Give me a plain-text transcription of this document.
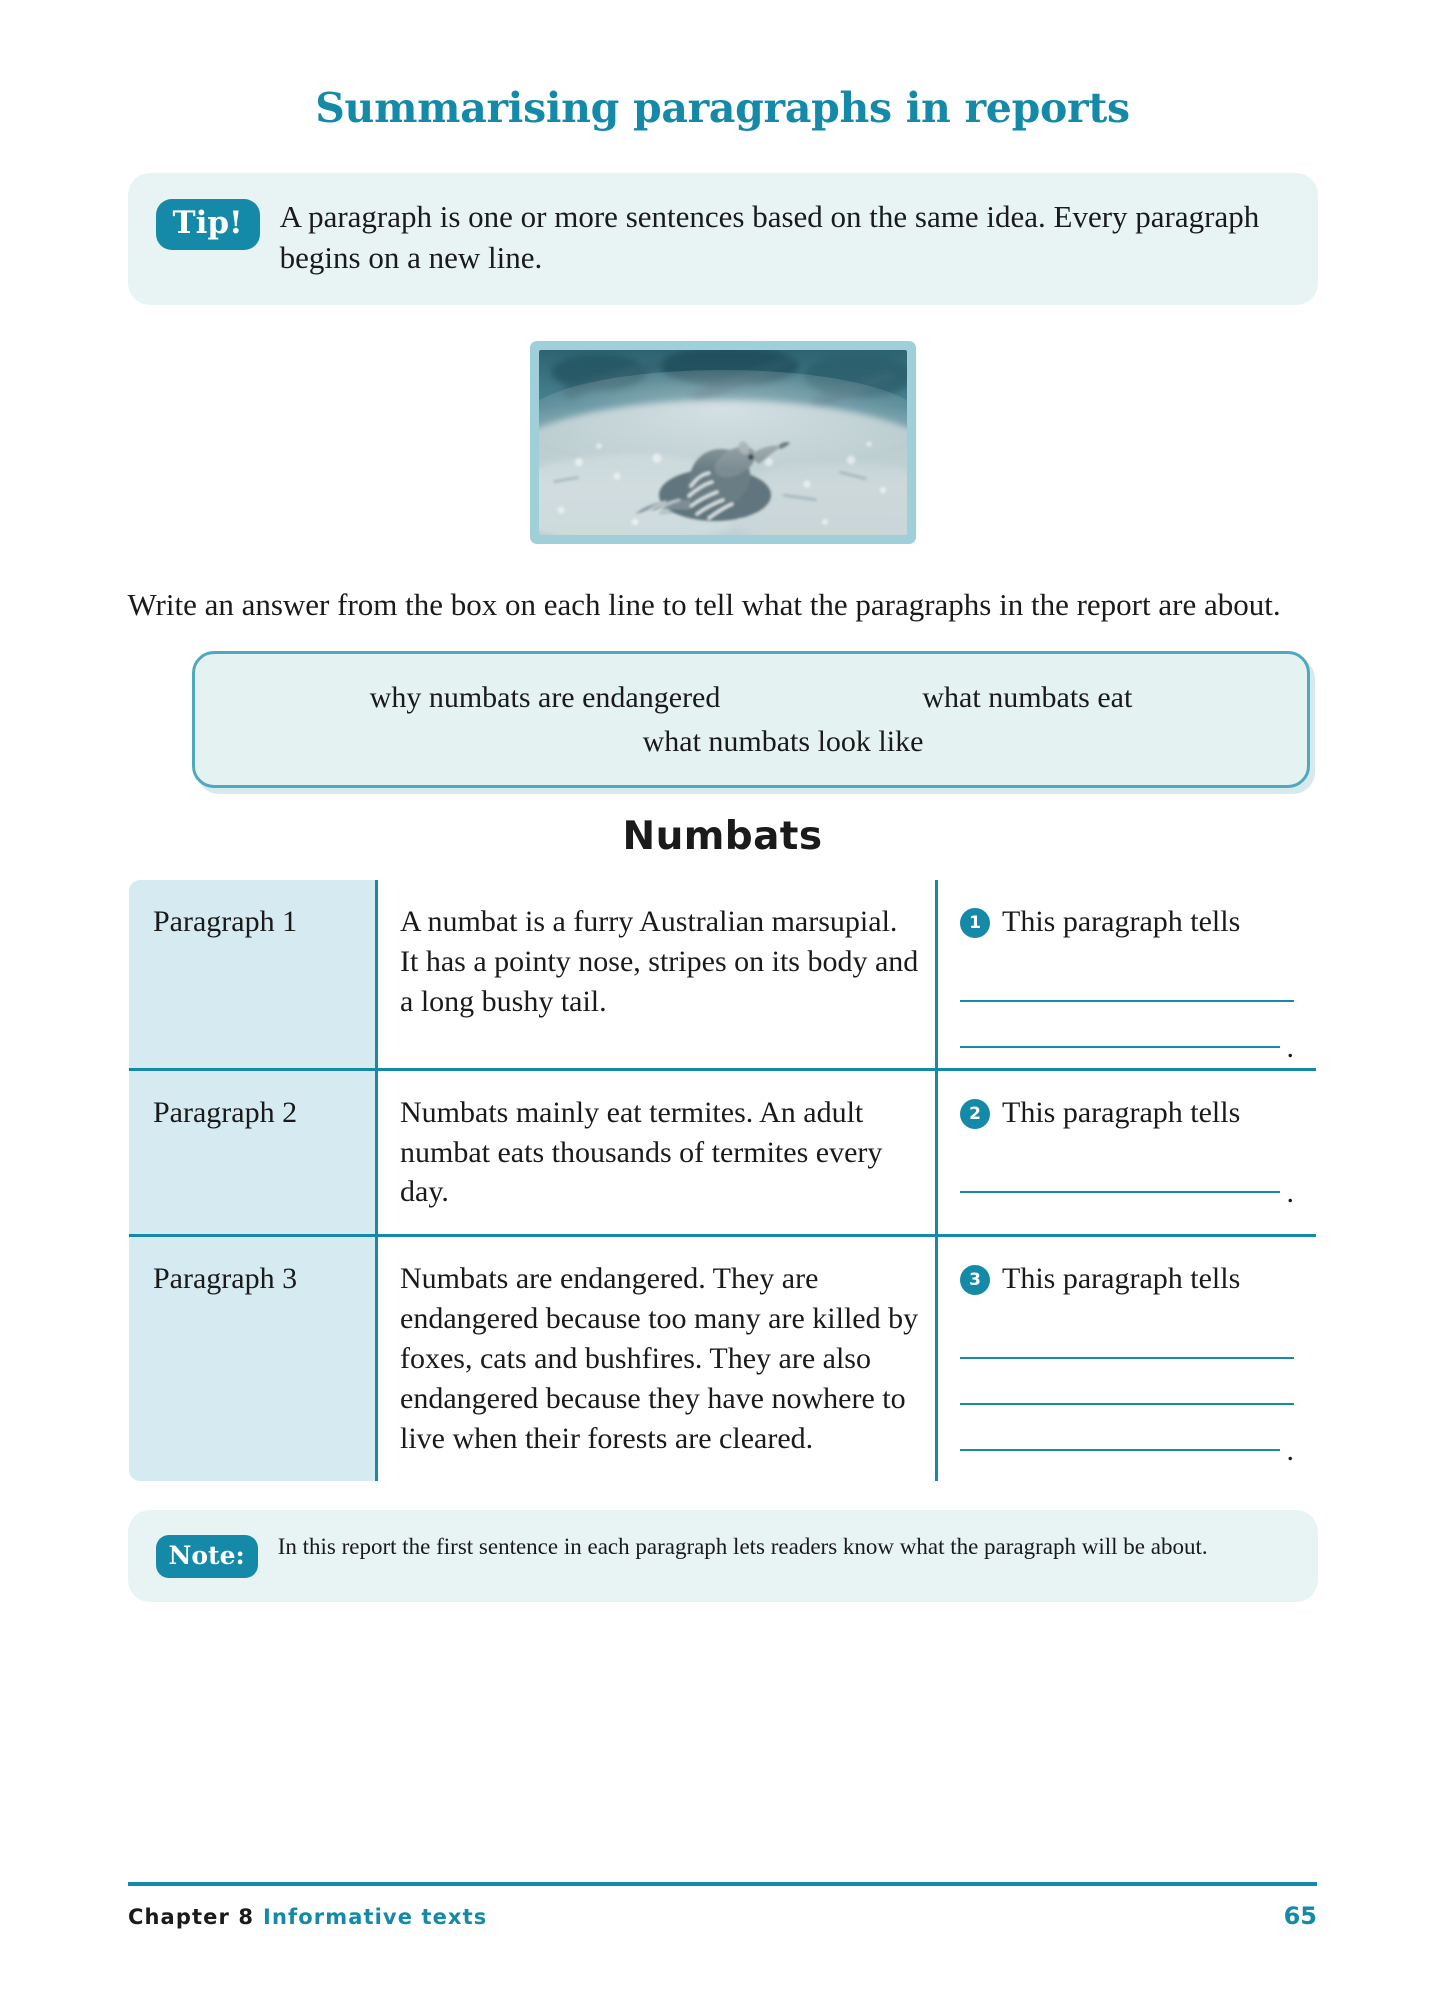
Summarising paragraphs in reports
Tip!	A paragraph is one or more sentences based on the same idea. Every paragraph begins on a new line.

Write an answer from the box on each line to tell what the paragraphs in the report are about.

why numbats are endangered	what numbats eat
what numbats look like
Numbats
Paragraph 1	A numbat is a furry Australian marsupial. It has a pointy nose, stripes on its body and a long bushy tail.	1 This paragraph tells
.

Paragraph 2	Numbats mainly eat termites. An adult numbat eats thousands of termites every day.	2 This paragraph tells
.

Paragraph 3	Numbats are endangered. They are endangered because too many are killed by foxes, cats and bushfires. They are also endangered because they have nowhere to live when their forests are cleared.	3 This paragraph tells
.
Note:	In this report the first sentence in each paragraph lets readers know what the paragraph will be about.
Chapter 8 Informative texts	65
